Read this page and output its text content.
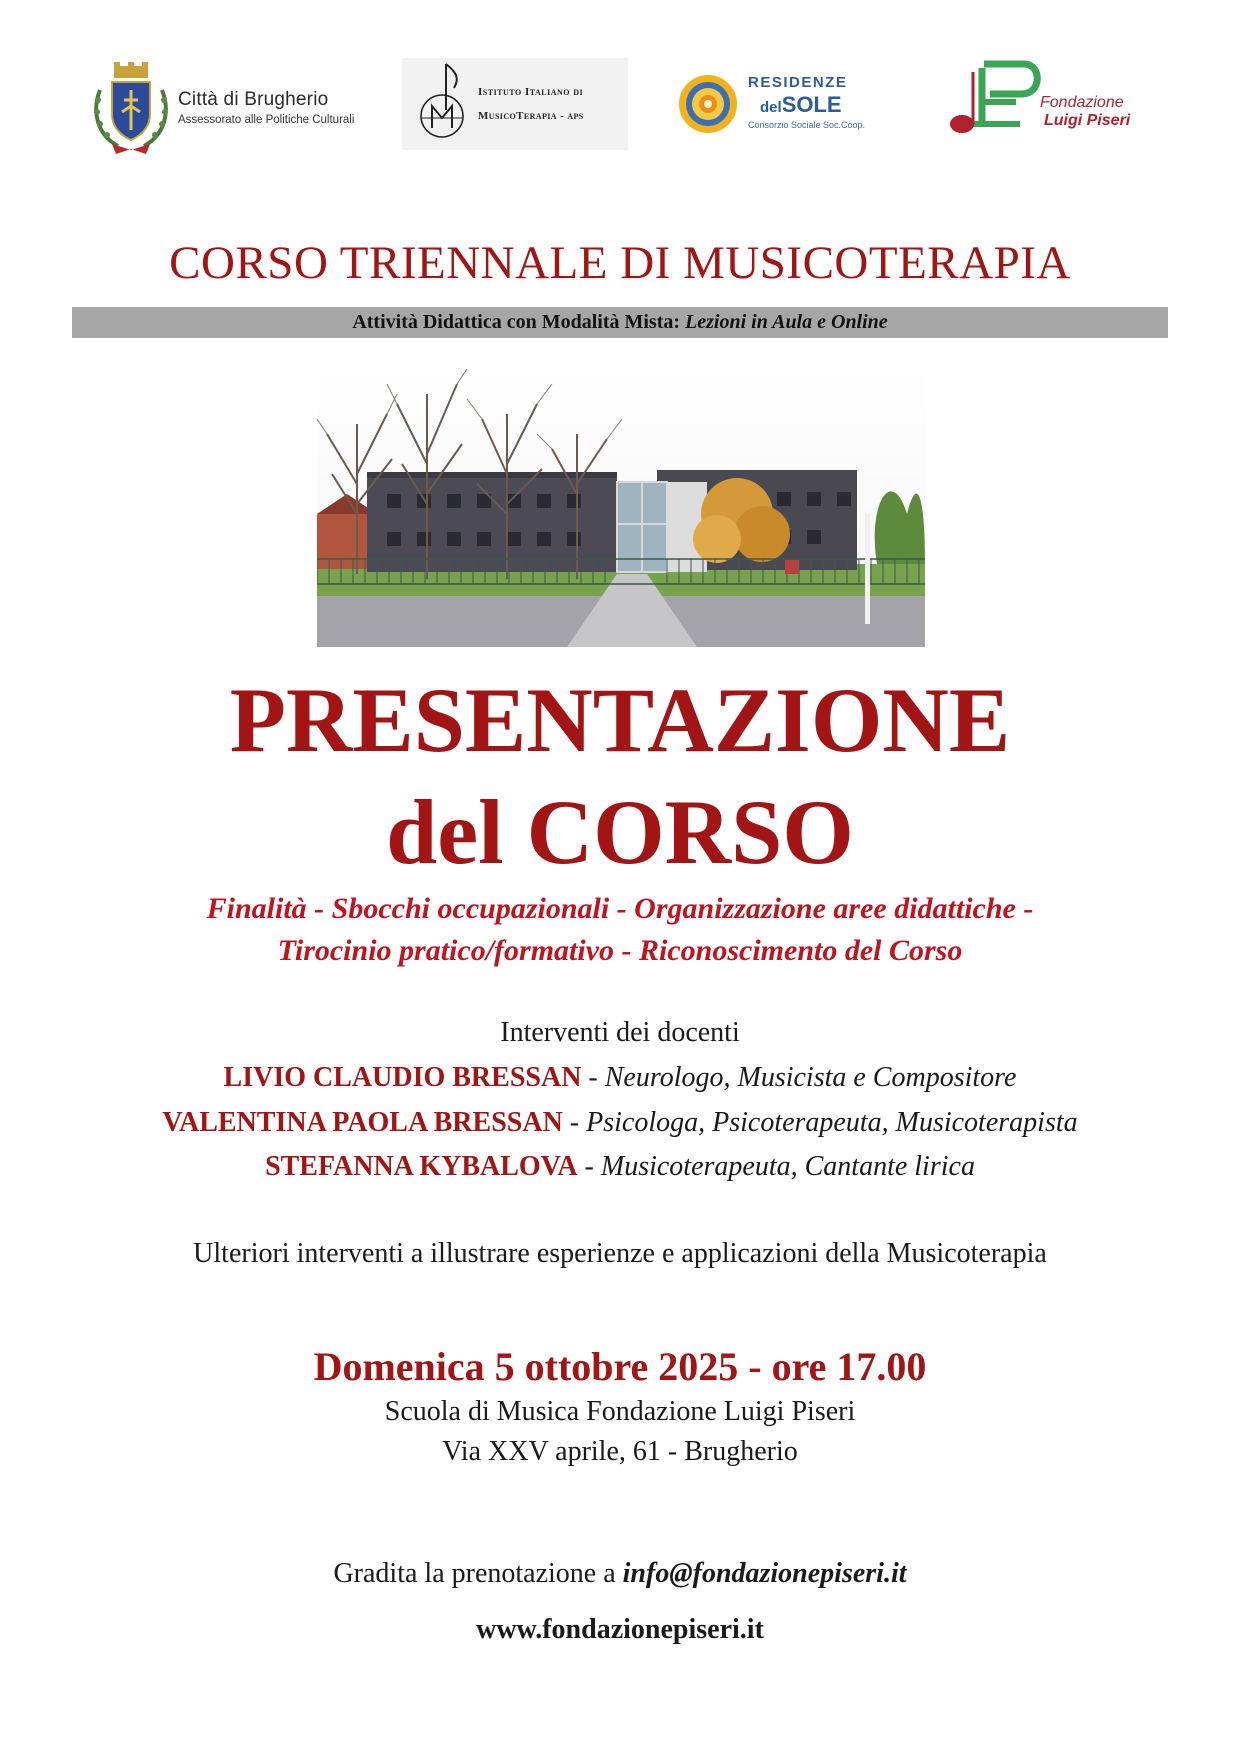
Città di Brugherio
Assessorato alle Politiche Culturali
Istituto Italiano di
MusicoTerapia - aps
RESIDENZE
delSOLE
Consorzio Sociale Soc.Coop.
Fondazione
Luigi Piseri
CORSO TRIENNALE DI MUSICOTERAPIA
Attività Didattica con Modalità Mista: Lezioni in Aula e Online
PRESENTAZIONE
del CORSO
Finalità - Sbocchi occupazionali - Organizzazione aree didattiche -
Tirocinio pratico/formativo - Riconoscimento del Corso
Interventi dei docenti
LIVIO CLAUDIO BRESSAN - Neurologo, Musicista e Compositore
VALENTINA PAOLA BRESSAN - Psicologa, Psicoterapeuta, Musicoterapista
STEFANNA KYBALOVA - Musicoterapeuta, Cantante lirica
Ulteriori interventi a illustrare esperienze e applicazioni della Musicoterapia
Domenica 5 ottobre 2025 - ore 17.00
Scuola di Musica Fondazione Luigi Piseri
Via XXV aprile, 61 - Brugherio
Gradita la prenotazione a info@fondazionepiseri.it
www.fondazionepiseri.it
